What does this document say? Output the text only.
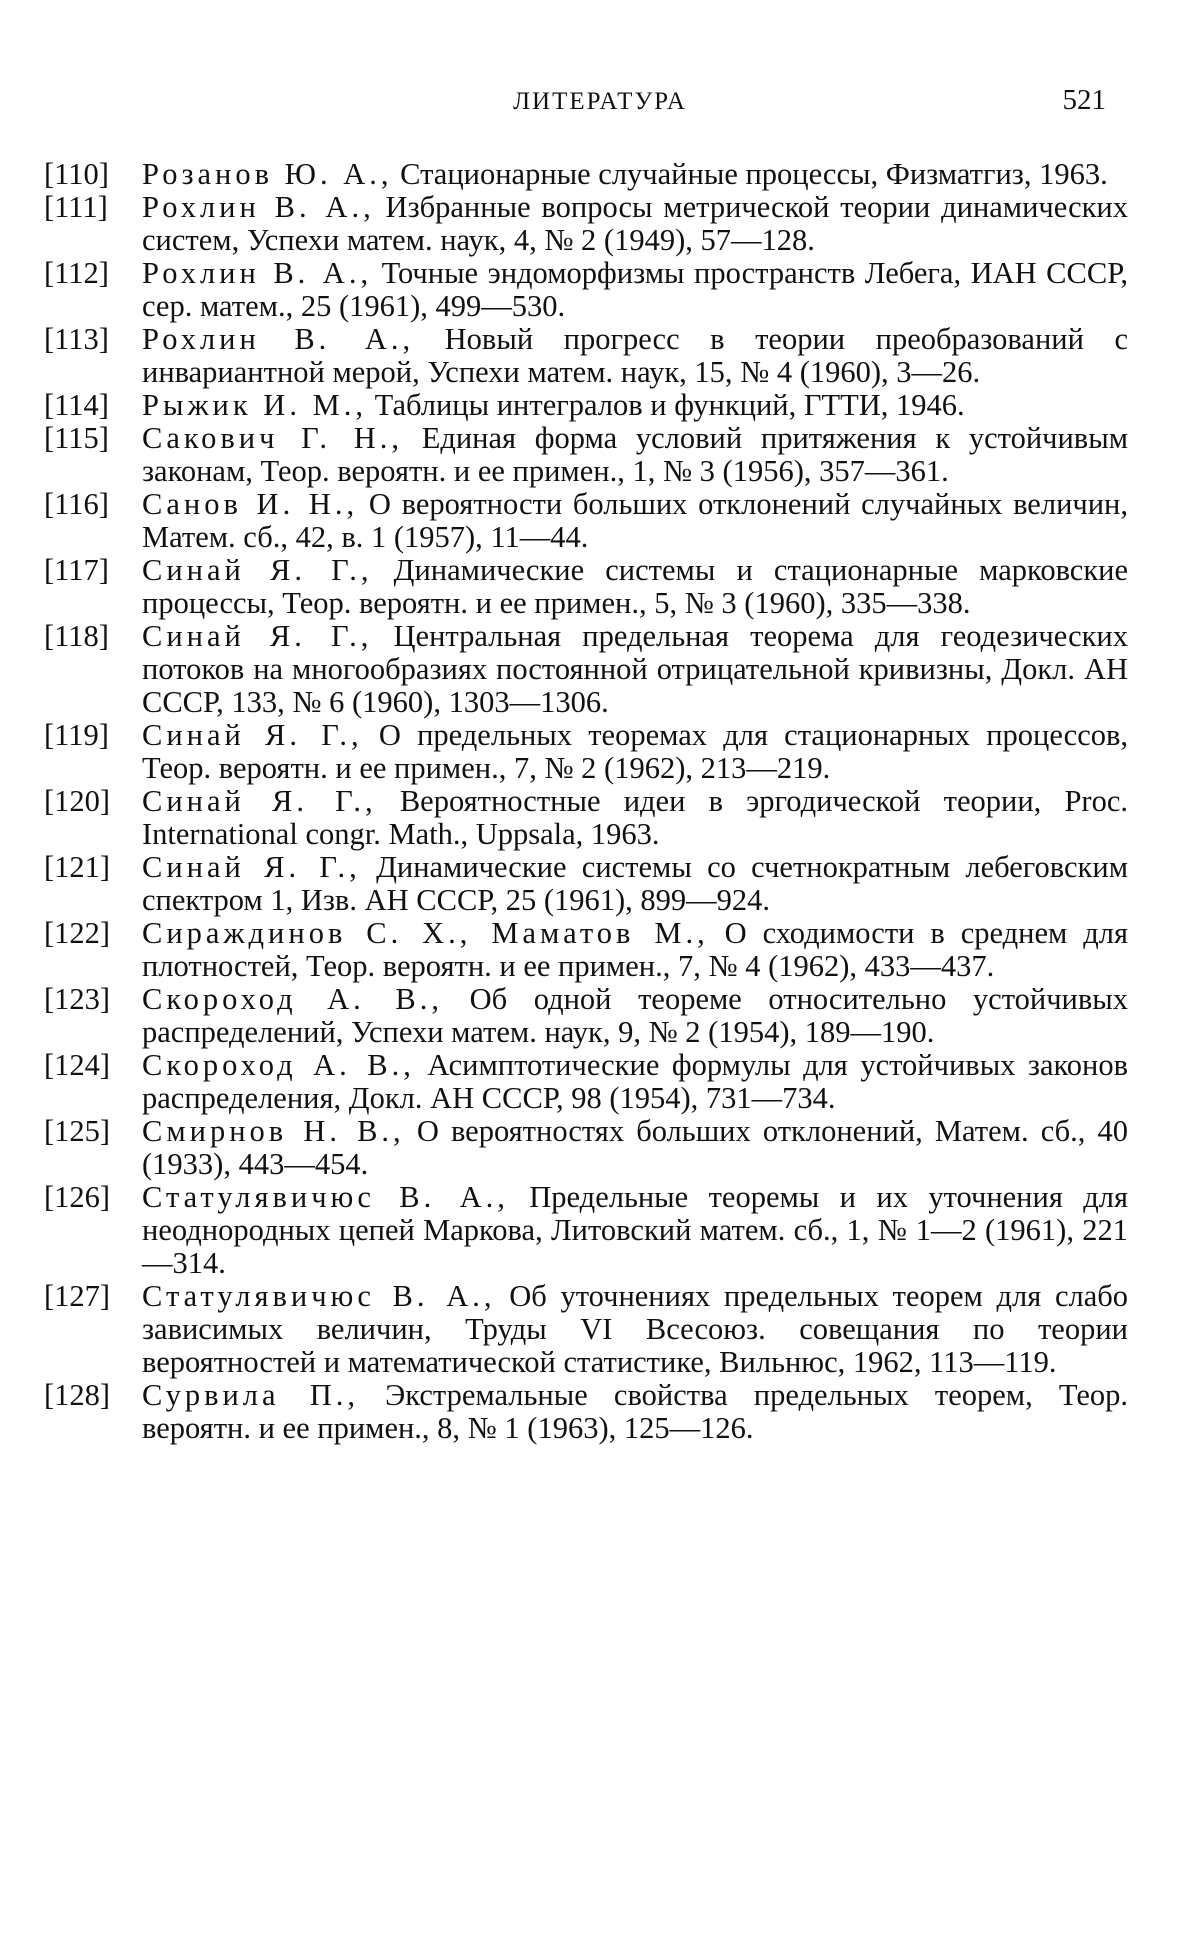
ЛИТЕРАТУРА	521
[110] Розанов Ю. А., Стационарные случайные процессы, Физматгиз, 1963.
[111] Рохлин В. А., Избранные вопросы метрической теории динамических систем, Успехи матем. наук, 4, № 2 (1949), 57—128.
[112] Рохлин В. А., Точные эндоморфизмы пространств Лебега, ИАН СССР, сер. матем., 25 (1961), 499—530.
[113] Рохлин В. А., Новый прогресс в теории преобразований с инвариантной мерой, Успехи матем. наук, 15, № 4 (1960), 3—26.
[114] Рыжик И. М., Таблицы интегралов и функций, ГТТИ, 1946.
[115] Сакович Г. Н., Единая форма условий притяжения к устойчивым законам, Теор. вероятн. и ее примен., 1, № 3 (1956), 357—361.
[116] Санов И. Н., О вероятности больших отклонений случайных величин, Матем. сб., 42, в. 1 (1957), 11—44.
[117] Синай Я. Г., Динамические системы и стационарные марковские процессы, Теор. вероятн. и ее примен., 5, № 3 (1960), 335—338.
[118] Синай Я. Г., Центральная предельная теорема для геодезических потоков на многообразиях постоянной отрицательной кривизны, Докл. АН СССР, 133, № 6 (1960), 1303—1306.
[119] Синай Я. Г., О предельных теоремах для стационарных процессов, Теор. вероятн. и ее примен., 7, № 2 (1962), 213—219.
[120] Синай Я. Г., Вероятностные идеи в эргодической теории, Proc. International congr. Math., Uppsala, 1963.
[121] Синай Я. Г., Динамические системы со счетнократным лебеговским спектром 1, Изв. АН СССР, 25 (1961), 899—924.
[122] Сираждинов С. Х., Маматов М., О сходимости в среднем для плотностей, Теор. вероятн. и ее примен., 7, № 4 (1962), 433—437.
[123] Скороход А. В., Об одной теореме относительно устойчивых распределений, Успехи матем. наук, 9, № 2 (1954), 189—190.
[124] Скороход А. В., Асимптотические формулы для устойчивых законов распределения, Докл. АН СССР, 98 (1954), 731—734.
[125] Смирнов Н. В., О вероятностях больших отклонений, Матем. сб., 40 (1933), 443—454.
[126] Статулявичюс В. А., Предельные теоремы и их уточнения для неоднородных цепей Маркова, Литовский матем. сб., 1, № 1—2 (1961), 221—314.
[127] Статулявичюс В. А., Об уточнениях предельных теорем для слабо зависимых величин, Труды VI Всесоюз. совещания по теории вероятностей и математической статистике, Вильнюс, 1962, 113—119.
[128] Сурвила П., Экстремальные свойства предельных теорем, Теор. вероятн. и ее примен., 8, № 1 (1963), 125—126.
